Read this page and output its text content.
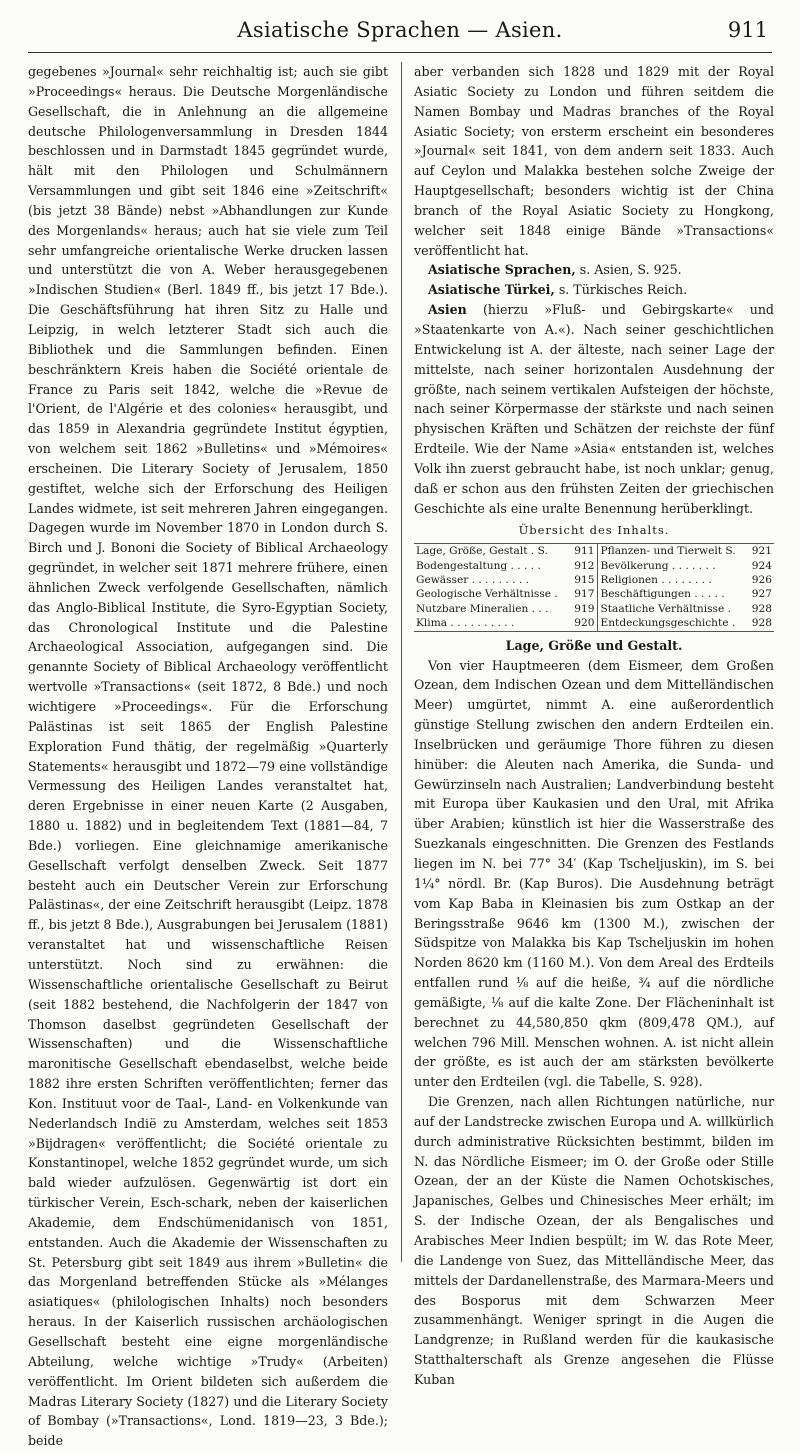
Asiatische Sprachen — Asien.	911

gegebenes »Journal« sehr reichhaltig ist; auch sie gibt »Proceedings« heraus. Die Deutsche Morgenländische Gesellschaft, die in Anlehnung an die allgemeine deutsche Philologenversammlung in Dresden 1844 beschlossen und in Darmstadt 1845 gegründet wurde, hält mit den Philologen und Schulmännern Versammlungen und gibt seit 1846 eine »Zeitschrift« (bis jetzt 38 Bände) nebst »Abhandlungen zur Kunde des Morgenlands« heraus; auch hat sie viele zum Teil sehr umfangreiche orientalische Werke drucken lassen und unterstützt die von A. Weber herausgegebenen »Indischen Studien« (Berl. 1849 ff., bis jetzt 17 Bde.). Die Geschäftsführung hat ihren Sitz zu Halle und Leipzig, in welch letzterer Stadt sich auch die Bibliothek und die Sammlungen befinden. Einen beschränktern Kreis haben die Société orientale de France zu Paris seit 1842, welche die »Revue de l'Orient, de l'Algérie et des colonies« herausgibt, und das 1859 in Alexandria gegründete Institut égyptien, von welchem seit 1862 »Bulletins« und »Mémoires« erscheinen. Die Literary Society of Jerusalem, 1850 gestiftet, welche sich der Erforschung des Heiligen Landes widmete, ist seit mehreren Jahren eingegangen. Dagegen wurde im November 1870 in London durch S. Birch und J. Bononi die Society of Biblical Archaeology gegründet, in welcher seit 1871 mehrere frühere, einen ähnlichen Zweck verfolgende Gesellschaften, nämlich das Anglo-Biblical Institute, die Syro-Egyptian Society, das Chronological Institute und die Palestine Archaeological Association, aufgegangen sind. Die genannte Society of Biblical Archaeology veröffentlicht wertvolle »Transactions« (seit 1872, 8 Bde.) und noch wichtigere »Proceedings«. Für die Erforschung Palästinas ist seit 1865 der English Palestine Exploration Fund thätig, der regelmäßig »Quarterly Statements« herausgibt und 1872—79 eine vollständige Vermessung des Heiligen Landes veranstaltet hat, deren Ergebnisse in einer neuen Karte (2 Ausgaben, 1880 u. 1882) und in begleitendem Text (1881—84, 7 Bde.) vorliegen. Eine gleichnamige amerikanische Gesellschaft verfolgt denselben Zweck. Seit 1877 besteht auch ein Deutscher Verein zur Erforschung Palästinas«, der eine Zeitschrift herausgibt (Leipz. 1878 ff., bis jetzt 8 Bde.), Ausgrabungen bei Jerusalem (1881) veranstaltet hat und wissenschaftliche Reisen unterstützt. Noch sind zu erwähnen: die Wissenschaftliche orientalische Gesellschaft zu Beirut (seit 1882 bestehend, die Nachfolgerin der 1847 von Thomson daselbst gegründeten Gesellschaft der Wissenschaften) und die Wissenschaftliche maronitische Gesellschaft ebendaselbst, welche beide 1882 ihre ersten Schriften veröffentlichten; ferner das Kon. Instituut voor de Taal-, Land- en Volkenkunde van Nederlandsch Indië zu Amsterdam, welches seit 1853 »Bijdragen« veröffentlicht; die Société orientale zu Konstantinopel, welche 1852 gegründet wurde, um sich bald wieder aufzulösen. Gegenwärtig ist dort ein türkischer Verein, Esch-schark, neben der kaiserlichen Akademie, dem Endschümenidanisch von 1851, entstanden. Auch die Akademie der Wissenschaften zu St. Petersburg gibt seit 1849 aus ihrem »Bulletin« die das Morgenland betreffenden Stücke als »Mélanges asiatiques« (philologischen Inhalts) noch besonders heraus. In der Kaiserlich russischen archäologischen Gesellschaft besteht eine eigne morgenländische Abteilung, welche wichtige »Trudy« (Arbeiten) veröffentlicht. Im Orient bildeten sich außerdem die Madras Literary Society (1827) und die Literary Society of Bombay (»Transactions«, Lond. 1819—23, 3 Bde.); beide

aber verbanden sich 1828 und 1829 mit der Royal Asiatic Society zu London und führen seitdem die Namen Bombay und Madras branches of the Royal Asiatic Society; von ersterm erscheint ein besonderes »Journal« seit 1841, von dem andern seit 1833. Auch auf Ceylon und Malakka bestehen solche Zweige der Hauptgesellschaft; besonders wichtig ist der China branch of the Royal Asiatic Society zu Hongkong, welcher seit 1848 einige Bände »Transactions« veröffentlicht hat.

Asiatische Sprachen, s. Asien, S. 925.

Asiatische Türkei, s. Türkisches Reich.

Asien (hierzu »Fluß- und Gebirgskarte« und »Staatenkarte von A.«). Nach seiner geschichtlichen Entwickelung ist A. der älteste, nach seiner Lage der mittelste, nach seiner horizontalen Ausdehnung der größte, nach seinem vertikalen Aufsteigen der höchste, nach seiner Körpermasse der stärkste und nach seinen physischen Kräften und Schätzen der reichste der fünf Erdteile. Wie der Name »Asia« entstanden ist, welches Volk ihn zuerst gebraucht habe, ist noch unklar; genug, daß er schon aus den frühsten Zeiten der griechischen Geschichte als eine uralte Benennung herüberklingt.

Übersicht des Inhalts.
Lage, Größe, Gestalt . S.	911	Pflanzen- und Tierwelt S.	921
Bodengestaltung . . . . .	912	Bevölkerung . . . . . . .	924
Gewässer . . . . . . . . .	915	Religionen . . . . . . . .	926
Geologische Verhältnisse .	917	Beschäftigungen . . . . .	927
Nutzbare Mineralien . . .	919	Staatliche Verhältnisse .	928
Klima . . . . . . . . . .	920	Entdeckungsgeschichte .	928
Lage, Größe und Gestalt.

Von vier Hauptmeeren (dem Eismeer, dem Großen Ozean, dem Indischen Ozean und dem Mittelländischen Meer) umgürtet, nimmt A. eine außerordentlich günstige Stellung zwischen den andern Erdteilen ein. Inselbrücken und geräumige Thore führen zu diesen hinüber: die Aleuten nach Amerika, die Sunda- und Gewürzinseln nach Australien; Landverbindung besteht mit Europa über Kaukasien und den Ural, mit Afrika über Arabien; künstlich ist hier die Wasserstraße des Suezkanals eingeschnitten. Die Grenzen des Festlands liegen im N. bei 77° 34′ (Kap Tscheljuskin), im S. bei 1¼° nördl. Br. (Kap Buros). Die Ausdehnung beträgt vom Kap Baba in Kleinasien bis zum Ostkap an der Beringsstraße 9646 km (1300 M.), zwischen der Südspitze von Malakka bis Kap Tscheljuskin im hohen Norden 8620 km (1160 M.). Von dem Areal des Erdteils entfallen rund ⅛ auf die heiße, ¾ auf die nördliche gemäßigte, ⅛ auf die kalte Zone. Der Flächeninhalt ist berechnet zu 44,580,850 qkm (809,478 QM.), auf welchen 796 Mill. Menschen wohnen. A. ist nicht allein der größte, es ist auch der am stärksten bevölkerte unter den Erdteilen (vgl. die Tabelle, S. 928).

Die Grenzen, nach allen Richtungen natürliche, nur auf der Landstrecke zwischen Europa und A. willkürlich durch administrative Rücksichten bestimmt, bilden im N. das Nördliche Eismeer; im O. der Große oder Stille Ozean, der an der Küste die Namen Ochotskisches, Japanisches, Gelbes und Chinesisches Meer erhält; im S. der Indische Ozean, der als Bengalisches und Arabisches Meer Indien bespült; im W. das Rote Meer, die Landenge von Suez, das Mittelländische Meer, das mittels der Dardanellenstraße, des Marmara-Meers und des Bosporus mit dem Schwarzen Meer zusammenhängt. Weniger springt in die Augen die Landgrenze; in Rußland werden für die kaukasische Statthalterschaft als Grenze angesehen die Flüsse Kuban
